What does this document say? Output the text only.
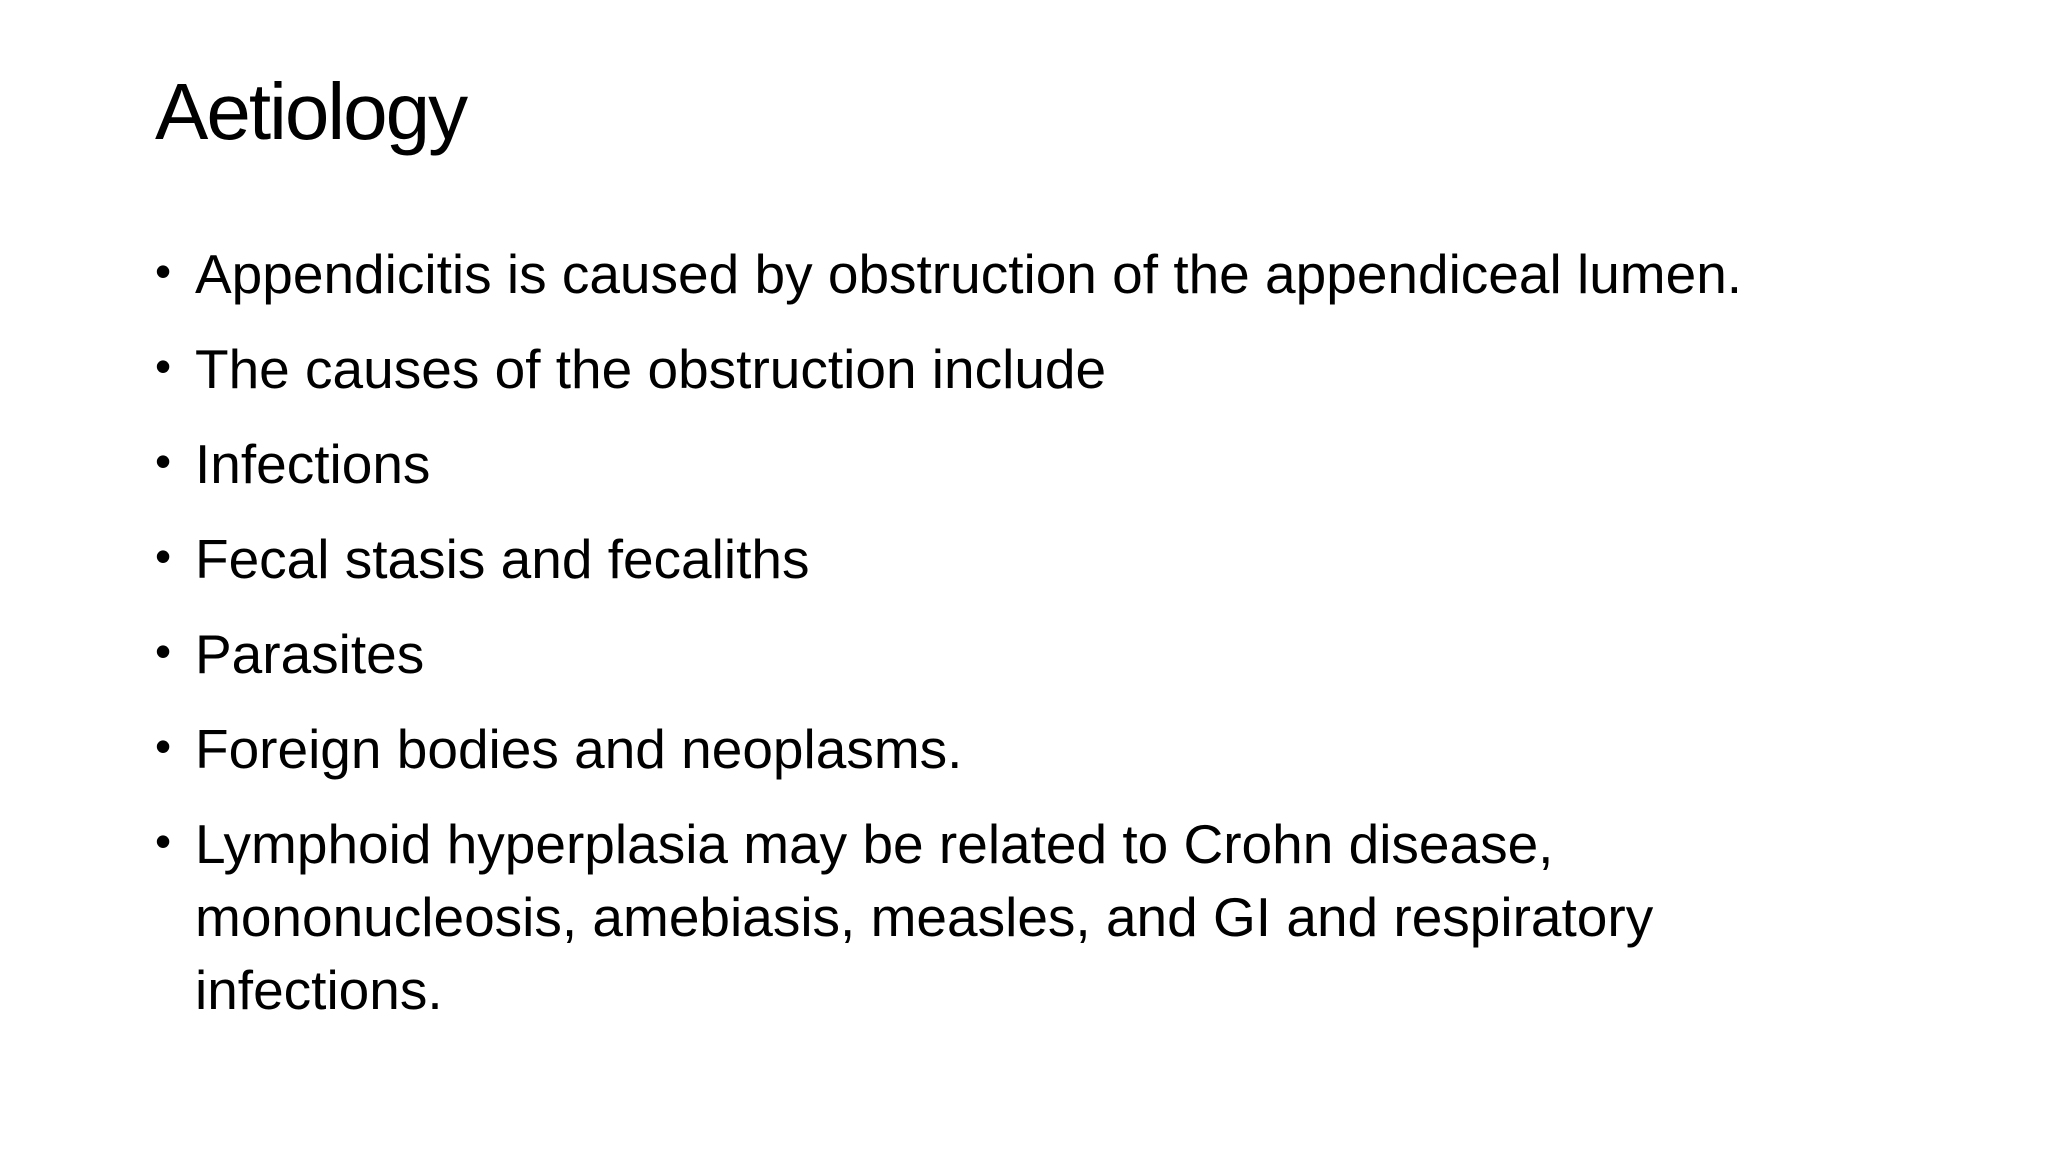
Aetiology
• Appendicitis is caused by obstruction of the appendiceal lumen.
• The causes of the obstruction include
• Infections
• Fecal stasis and fecaliths
• Parasites
• Foreign bodies and neoplasms.
• Lymphoid hyperplasia may be related to Crohn disease, mononucleosis, amebiasis, measles, and GI and respiratory infections.
